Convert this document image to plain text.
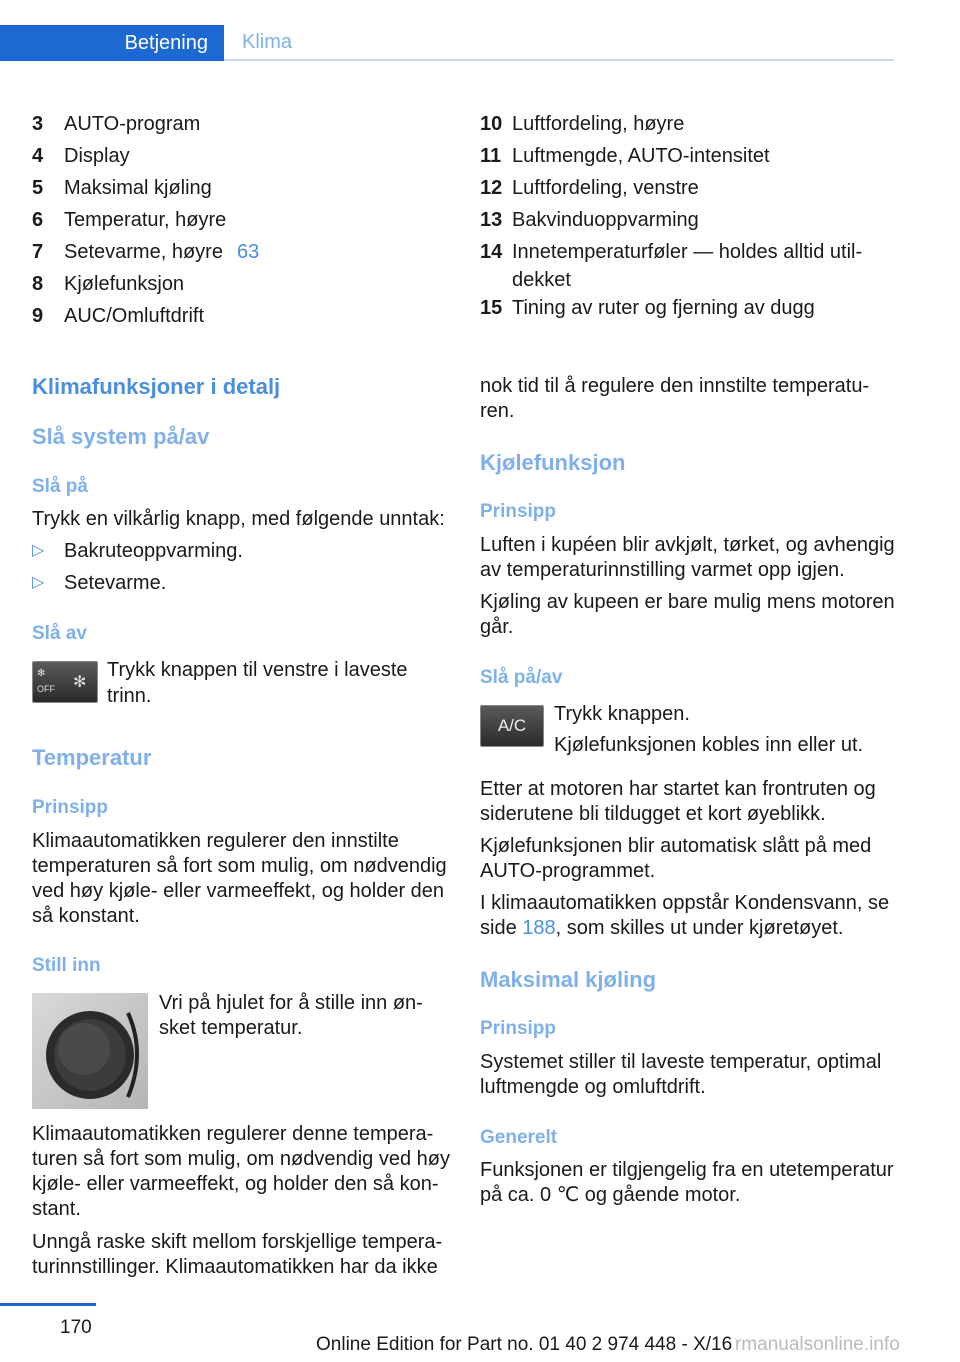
Betjening	Klima
3	AUTO-program
4	Display
5	Maksimal kjøling
6	Temperatur, høyre
7	Setevarme, høyre 63
8	Kjølefunksjon
9	AUC/Omluftdrift
10 Luftfordeling, høyre
11 Luftmengde, AUTO-intensitet
12 Luftfordeling, venstre
13 Bakvinduoppvarming
14 Innetemperaturføler — holdes alltid util-
dekket
15 Tining av ruter og fjerning av dugg
Klimafunksjoner i detalj
Slå system på/av
Slå på
Trykk en vilkårlig knapp, med følgende unntak:
▷ Bakruteoppvarming.
▷ Setevarme.
Slå av
✻
OFF ✻
Trykk knappen til venstre i laveste
trinn.
Temperatur
Prinsipp
Klimaautomatikken regulerer den innstilte
temperaturen så fort som mulig, om nødvendig
ved høy kjøle- eller varmeeffekt, og holder den
så konstant.
Still inn
Vri på hjulet for å stille inn øn-
sket temperatur.
Klimaautomatikken regulerer denne tempera-
turen så fort som mulig, om nødvendig ved høy
kjøle- eller varmeeffekt, og holder den så kon-
stant.
Unngå raske skift mellom forskjellige tempera-
turinnstillinger. Klimaautomatikken har da ikke
nok tid til å regulere den innstilte temperatu-
ren.
Kjølefunksjon
Prinsipp
Luften i kupéen blir avkjølt, tørket, og avhengig
av temperaturinnstilling varmet opp igjen.
Kjøling av kupeen er bare mulig mens motoren
går.
Slå på/av
A/C
Trykk knappen.
Kjølefunksjonen kobles inn eller ut.
Etter at motoren har startet kan frontruten og
siderutene bli tildugget et kort øyeblikk.
Kjølefunksjonen blir automatisk slått på med
AUTO-programmet.
I klimaautomatikken oppstår Kondensvann, se
side 188, som skilles ut under kjøretøyet.
Maksimal kjøling
Prinsipp
Systemet stiller til laveste temperatur, optimal
luftmengde og omluftdrift.
Generelt
Funksjonen er tilgjengelig fra en utetemperatur
på ca. 0 ℃ og gående motor.
170
Online Edition for Part no. 01 40 2 974 448 - X/16 rmanualsonline.info
